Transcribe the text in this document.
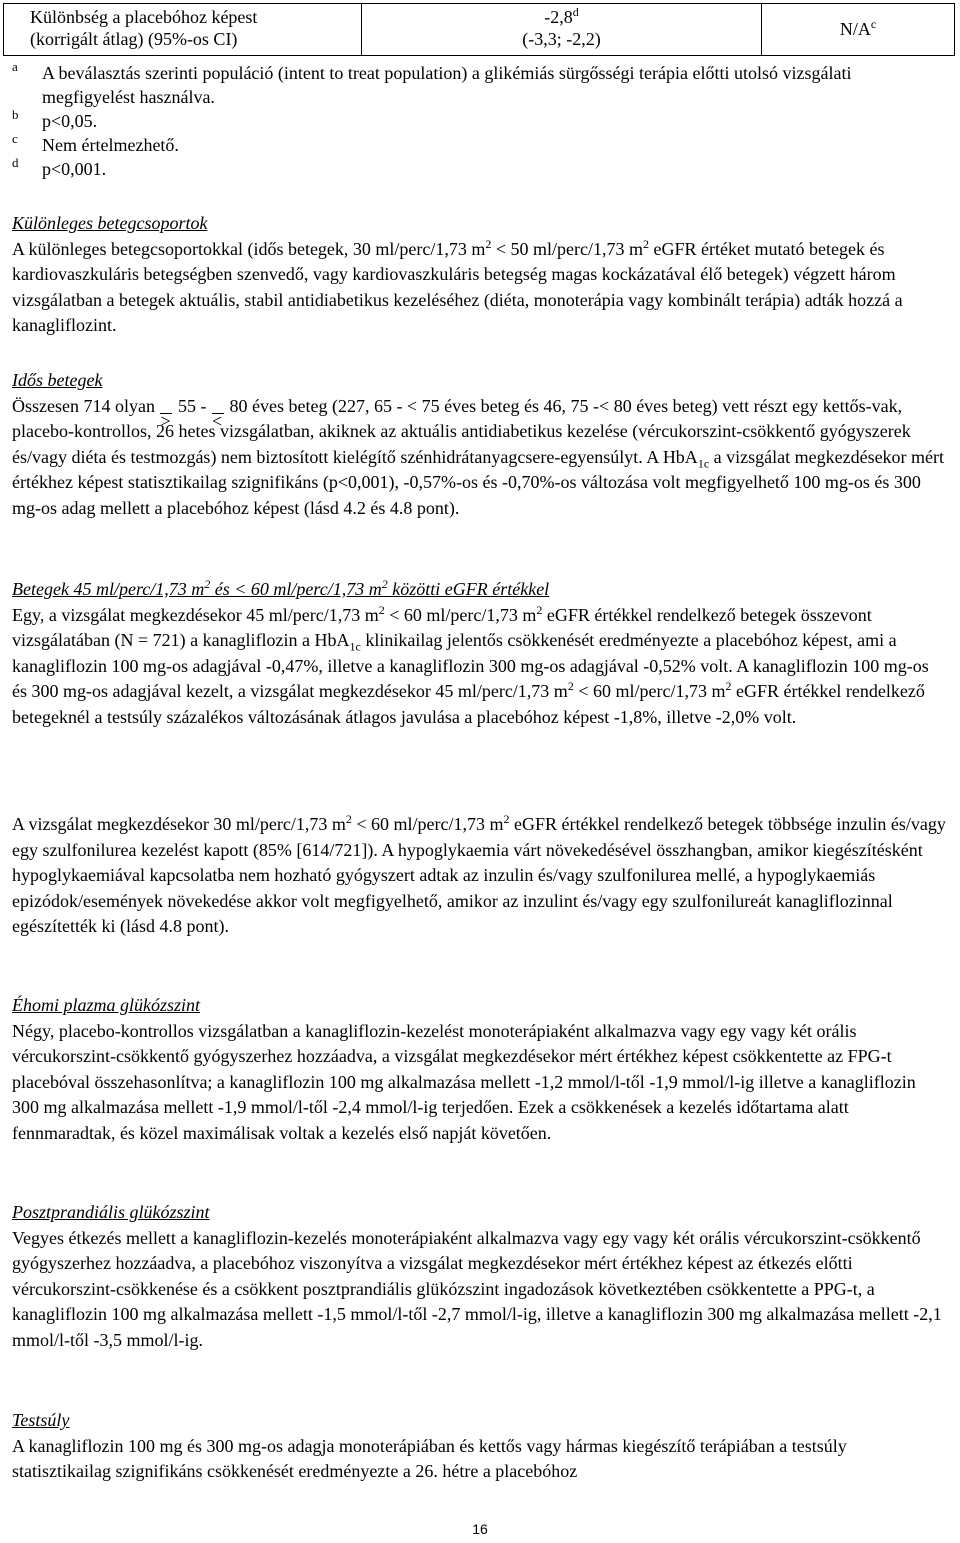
Különbség a placebóhoz képest
(korrigált átlag) (95%-os CI)
-2,8$^d$
(-3,3; -2,2)	$N/A^c$
a A beválasztás szerinti populáció (intent to treat population) a glikémiás sürgősségi terápia előtti utolsó vizsgálati megfigyelést használva.
b p<0,05.
c Nem értelmezhető.
d p<0,001.
Különleges betegcsoportok
A különleges betegcsoportokkal (idős betegek, 30 ml/perc/1,73 $m^2 < 50$ ml/perc/1,73 $m^2$ eGFR értéket mutató betegek és kardiovaszkuláris betegségben szenvedő, vagy kardiovaszkuláris betegség magas kockázatával élő betegek) végzett három vizsgálatban a betegek aktuális, stabil antidiabetikus kezeléséhez (diéta, monoterápia vagy kombinált terápia) adták hozzá a kanagliflozint.
Idős betegek
Összesen 714 olyan  55 -  80 éves beteg (227, 65 - < 75 éves beteg és 46, 75 -< 80 éves beteg) vett részt egy kettős-vak, placebo-kontrollos, 26 hetes vizsgálatban, akiknek az aktuális antidiabetikus kezelése (vércukorszint-csökkentő gyógyszerek és/vagy diéta és testmozgás) nem biztosított kielégítő szénhidrátanyagcsere-egyensúlyt. A HbA$_{1c}$ a vizsgálat megkezdésekor mért értékhez képest statisztikailag szignifikáns (p<0,001), -0,57%-os és -0,70%-os változása volt megfigyelhető 100 mg-os és 300 mg-os adag mellett a placebóhoz képest (lásd 4.2 és 4.8 pont).
Betegek 45 ml/perc/1,73 $m^2$ és < 60 ml/perc/1,73 $m^2$ közötti eGFR értékkel
Egy, a vizsgálat megkezdésekor 45 ml/perc/1,73 $m^2 < 60$ ml/perc/1,73 $m^2$ eGFR értékkel rendelkező betegek összevont vizsgálatában (N = 721) a kanagliflozin a HbA$_{1c}$ klinikailag jelentős csökkenését eredményezte a placebóhoz képest, ami a kanagliflozin 100 mg-os adagjával -0,47%, illetve a kanagliflozin 300 mg-os adagjával -0,52% volt. A kanagliflozin 100 mg-os és 300 mg-os adagjával kezelt, a vizsgálat megkezdésekor 45 ml/perc/1,73 $m^2 < 60$ ml/perc/1,73 $m^2$ eGFR értékkel rendelkező betegeknél a testsúly százalékos változásának átlagos javulása a placebóhoz képest -1,8%, illetve -2,0% volt.
A vizsgálat megkezdésekor 30 ml/perc/1,73 $m^2 < 60$ ml/perc/1,73 $m^2$ eGFR értékkel rendelkező betegek többsége inzulin és/vagy egy szulfonilurea kezelést kapott (85% [614/721]). A hypoglykaemia várt növekedésével összhangban, amikor kiegészítésként hypoglykaemiával kapcsolatba nem hozható gyógyszert adtak az inzulin és/vagy szulfonilurea mellé, a hypoglykaemiás epizódok/események növekedése akkor volt megfigyelhető, amikor az inzulint és/vagy egy szulfonilureát kanagliflozinnal egészítették ki (lásd 4.8 pont).
Éhomi plazma glükózszint
Négy, placebo-kontrollos vizsgálatban a kanagliflozin-kezelést monoterápiaként alkalmazva vagy egy vagy két orális vércukorszint-csökkentő gyógyszerhez hozzáadva, a vizsgálat megkezdésekor mért értékhez képest csökkentette az FPG-t placebóval összehasonlítva; a kanagliflozin 100 mg alkalmazása mellett -1,2 mmol/l-től -1,9 mmol/l-ig illetve a kanagliflozin 300 mg alkalmazása mellett -1,9 mmol/l-től -2,4 mmol/l-ig terjedően. Ezek a csökkenések a kezelés időtartama alatt fennmaradtak, és közel maximálisak voltak a kezelés első napját követően.
Posztprandiális glükózszint
Vegyes étkezés mellett a kanagliflozin-kezelés monoterápiaként alkalmazva vagy egy vagy két orális vércukorszint-csökkentő gyógyszerhez hozzáadva, a placebóhoz viszonyítva a vizsgálat megkezdésekor mért értékhez képest az étkezés előtti vércukorszint-csökkenése és a csökkent posztprandiális glükózszint ingadozások következtében csökkentette a PPG-t, a kanagliflozin 100 mg alkalmazása mellett -1,5 mmol/l-től -2,7 mmol/l-ig, illetve a kanagliflozin 300 mg alkalmazása mellett -2,1 mmol/l-től -3,5 mmol/l-ig.
Testsúly
A kanagliflozin 100 mg és 300 mg-os adagja monoterápiában és kettős vagy hármas kiegészítő terápiában a testsúly statisztikailag szignifikáns csökkenését eredményezte a 26. hétre a placebóhoz
16
